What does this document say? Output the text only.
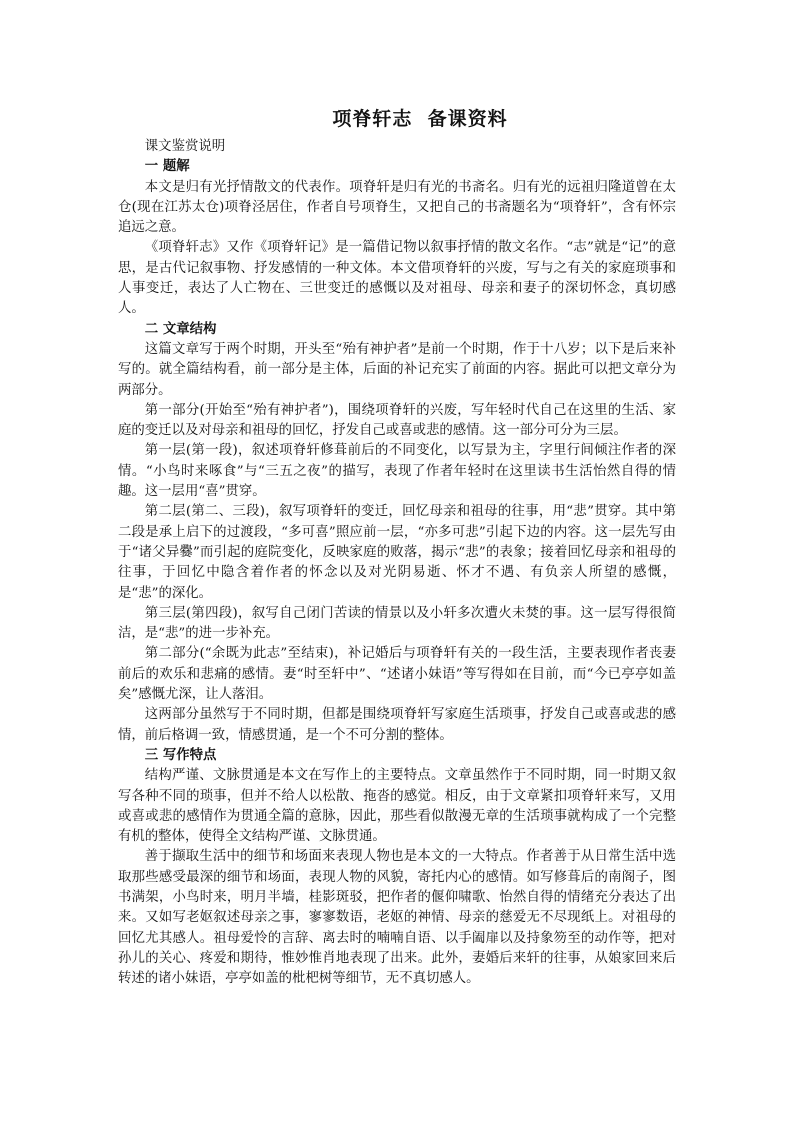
项脊轩志  备课资料
课文鉴赏说明
一 题解

本文是归有光抒情散文的代表作。项脊轩是归有光的书斋名。归有光的远祖归隆道曾在太仓(现在江苏太仓)项脊泾居住，作者自号项脊生，又把自己的书斋题名为“项脊轩”，含有怀宗追远之意。

《项脊轩志》又作《项脊轩记》是一篇借记物以叙事抒情的散文名作。“志”就是“记”的意思，是古代记叙事物、抒发感情的一种文体。本文借项脊轩的兴废，写与之有关的家庭琐事和人事变迁，表达了人亡物在、三世变迁的感慨以及对祖母、母亲和妻子的深切怀念，真切感人。

二 文章结构

这篇文章写于两个时期，开头至“殆有神护者”是前一个时期，作于十八岁；以下是后来补写的。就全篇结构看，前一部分是主体，后面的补记充实了前面的内容。据此可以把文章分为两部分。

第一部分(开始至“殆有神护者”)，围绕项脊轩的兴废，写年轻时代自己在这里的生活、家庭的变迁以及对母亲和祖母的回忆，抒发自己或喜或悲的感情。这一部分可分为三层。

第一层(第一段)，叙述项脊轩修葺前后的不同变化，以写景为主，字里行间倾注作者的深情。“小鸟时来啄食”与“三五之夜”的描写，表现了作者年轻时在这里读书生活怡然自得的情趣。这一层用“喜”贯穿。

第二层(第二、三段)，叙写项脊轩的变迁，回忆母亲和祖母的往事，用“悲”贯穿。其中第二段是承上启下的过渡段，“多可喜”照应前一层，“亦多可悲”引起下边的内容。这一层先写由于“诸父异爨”而引起的庭院变化，反映家庭的败落，揭示“悲”的表象；接着回忆母亲和祖母的往事，于回忆中隐含着作者的怀念以及对光阴易逝、怀才不遇、有负亲人所望的感慨，是“悲”的深化。

第三层(第四段)，叙写自己闭门苦读的情景以及小轩多次遭火未焚的事。这一层写得很简洁，是“悲”的进一步补充。

第二部分(“余既为此志”至结束)，补记婚后与项脊轩有关的一段生活，主要表现作者丧妻前后的欢乐和悲痛的感情。妻“时至轩中”、“述诸小妹语”等写得如在目前，而“今已亭亭如盖矣”感慨尤深，让人落泪。

这两部分虽然写于不同时期，但都是围绕项脊轩写家庭生活琐事，抒发自己或喜或悲的感情，前后格调一致，情感贯通，是一个不可分割的整体。

三 写作特点

结构严谨、文脉贯通是本文在写作上的主要特点。文章虽然作于不同时期，同一时期又叙写各种不同的琐事，但并不给人以松散、拖沓的感觉。相反，由于文章紧扣项脊轩来写，又用或喜或悲的感情作为贯通全篇的意脉，因此，那些看似散漫无章的生活琐事就构成了一个完整有机的整体，使得全文结构严谨、文脉贯通。

善于撷取生活中的细节和场面来表现人物也是本文的一大特点。作者善于从日常生活中选取那些感受最深的细节和场面，表现人物的风貌，寄托内心的感情。如写修葺后的南阁子，图书满架，小鸟时来，明月半墙，桂影斑驳，把作者的偃仰啸歌、怡然自得的情绪充分表达了出来。又如写老妪叙述母亲之事，寥寥数语，老妪的神情、母亲的慈爱无不尽现纸上。对祖母的回忆尤其感人。祖母爱怜的言辞、离去时的喃喃自语、以手阖扉以及持象笏至的动作等，把对孙儿的关心、疼爱和期待，惟妙惟肖地表现了出来。此外，妻婚后来轩的往事，从娘家回来后转述的诸小妹语，亭亭如盖的枇杷树等细节，无不真切感人。
